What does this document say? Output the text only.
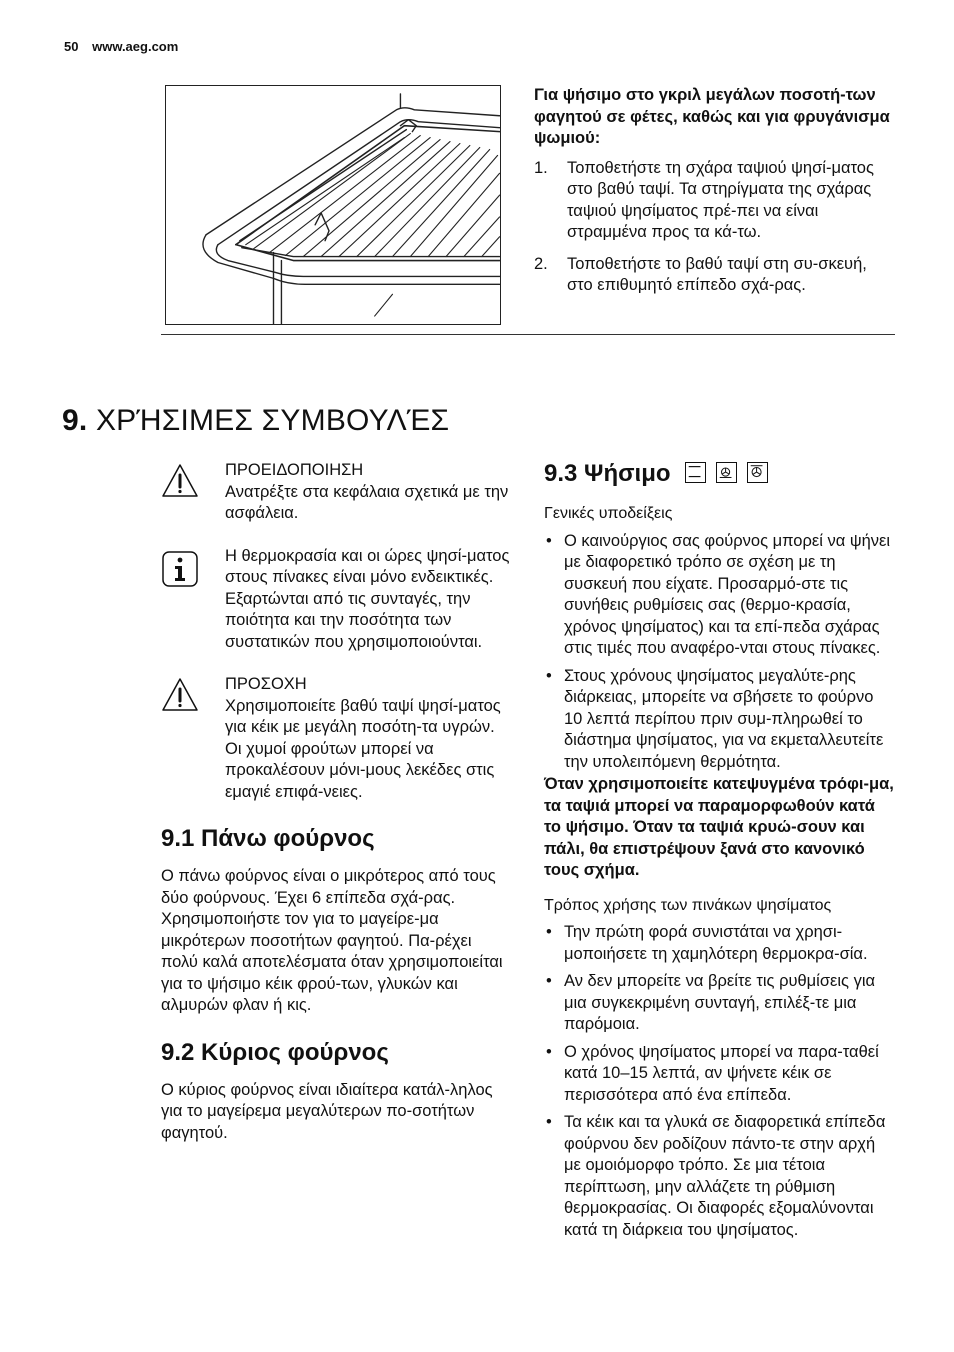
50 www.aeg.com

Για ψήσιμο στο γκριλ μεγάλων ποσοτή-των φαγητού σε φέτες, καθώς και για φρυγάνισμα ψωμιού:

1. Τοποθετήστε τη σχάρα ταψιού ψησί-ματος στο βαθύ ταψί. Τα στηρίγματα της σχάρας ταψιού ψησίματος πρέ-πει να είναι στραμμένα προς τα κά-τω.
2. Τοποθετήστε το βαθύ ταψί στη συ-σκευή, στο επιθυμητό επίπεδο σχά-ρας.
9. ΧΡΉΣΙΜΕΣ ΣΥΜΒΟΥΛΈΣ
ΠΡΟΕΙΔΟΠΟΙΗΣΗ
Ανατρέξτε στα κεφάλαια σχετικά με την ασφάλεια.
Η θερμοκρασία και οι ώρες ψησί-ματος στους πίνακες είναι μόνο ενδεικτικές. Εξαρτώνται από τις συνταγές, την ποιότητα και την ποσότητα των συστατικών που χρησιμοποιούνται.
ΠΡΟΣΟΧΗ
Χρησιμοποιείτε βαθύ ταψί ψησί-ματος για κέικ με μεγάλη ποσότη-τα υγρών. Οι χυμοί φρούτων μπορεί να προκαλέσουν μόνι-μους λεκέδες στις εμαγιέ επιφά-νειες.
9.1 Πάνω φούρνος

Ο πάνω φούρνος είναι ο μικρότερος από τους δύο φούρνους. Έχει 6 επίπεδα σχά-ρας. Χρησιμοποιήστε τον για το μαγείρε-μα μικρότερων ποσοτήτων φαγητού. Πα-ρέχει πολύ καλά αποτελέσματα όταν χρησιμοποιείται για το ψήσιμο κέικ φρού-των, γλυκών και αλμυρών φλαν ή κις.

9.2 Κύριος φούρνος

Ο κύριος φούρνος είναι ιδιαίτερα κατάλ-ληλος για το μαγείρεμα μεγαλύτερων πο-σοτήτων φαγητού.

9.3 Ψήσιμο
Γενικές υποδείξεις
• Ο καινούργιος σας φούρνος μπορεί να ψήνει με διαφορετικό τρόπο σε σχέση με τη συσκευή που είχατε. Προσαρμό-στε τις συνήθεις ρυθμίσεις σας (θερμο-κρασία, χρόνος ψησίματος) και τα επί-πεδα σχάρας στις τιμές που αναφέρο-νται στους πίνακες.
• Στους χρόνους ψησίματος μεγαλύτε-ρης διάρκειας, μπορείτε να σβήσετε το φούρνο 10 λεπτά περίπου πριν συμ-πληρωθεί το διάστημα ψησίματος, για να εκμεταλλευτείτε την υπολειπόμενη θερμότητα.

Όταν χρησιμοποιείτε κατεψυγμένα τρόφι-μα, τα ταψιά μπορεί να παραμορφωθούν κατά το ψήσιμο. Όταν τα ταψιά κρυώ-σουν και πάλι, θα επιστρέψουν ξανά στο κανονικό τους σχήμα.

Τρόπος χρήσης των πινάκων ψησίματος
• Την πρώτη φορά συνιστάται να χρησι-μοποιήσετε τη χαμηλότερη θερμοκρα-σία.
• Αν δεν μπορείτε να βρείτε τις ρυθμίσεις για μια συγκεκριμένη συνταγή, επιλέξ-τε μια παρόμοια.
• Ο χρόνος ψησίματος μπορεί να παρα-ταθεί κατά 10–15 λεπτά, αν ψήνετε κέικ σε περισσότερα από ένα επίπεδα.
• Τα κέικ και τα γλυκά σε διαφορετικά επίπεδα φούρνου δεν ροδίζουν πάντο-τε στην αρχή με ομοιόμορφο τρόπο. Σε μια τέτοια περίπτωση, μην αλλάζετε τη ρύθμιση θερμοκρασίας. Οι διαφορές εξομαλύνονται κατά τη διάρκεια του ψησίματος.
